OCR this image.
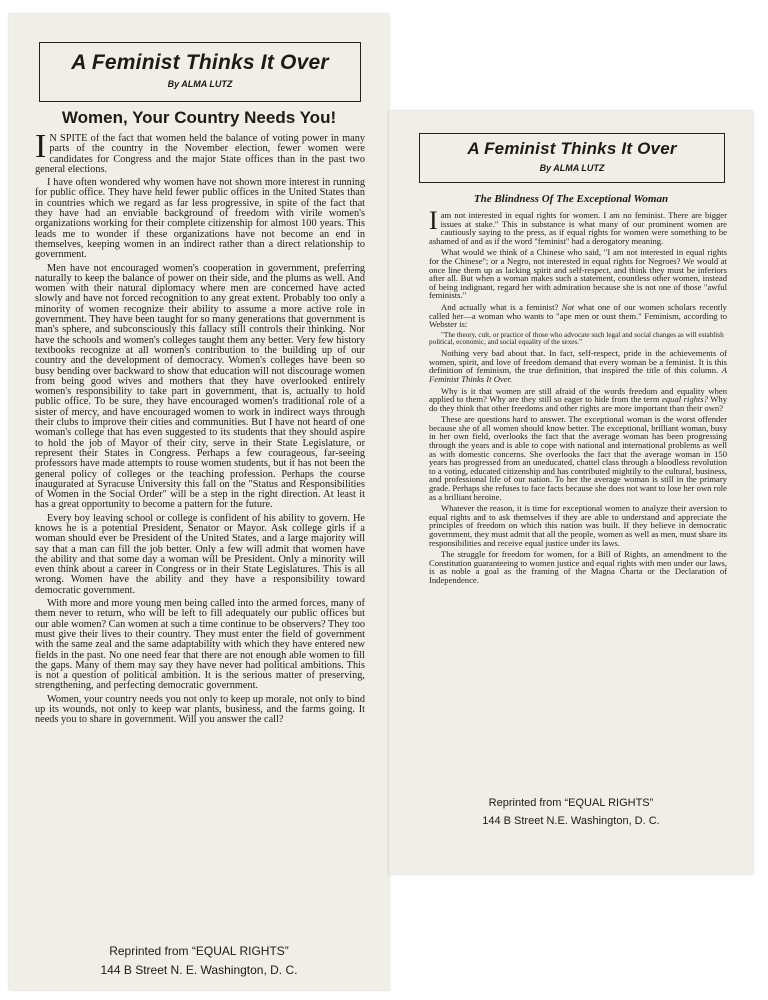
A Feminist Thinks It Over
By ALMA LUTZ
Women, Your Country Needs You!

I N SPITE of the fact that women held the balance of voting power in many parts of the country in the November election, fewer women were candidates for Congress and the major State offices than in the past two general elections.

I have often wondered why women have not shown more interest in running for public office. They have held fewer public offices in the United States than in countries which we regard as far less progressive, in spite of the fact that they have had an enviable background of freedom with virile women's organizations working for their complete citizenship for almost 100 years. This leads me to wonder if these organizations have not become an end in themselves, keeping women in an indirect rather than a direct relationship to government.

Men have not encouraged women's cooperation in government, preferring naturally to keep the balance of power on their side, and the plums as well. And women with their natural diplomacy where men are concerned have acted slowly and have not forced recognition to any great extent. Probably too only a minority of women recognize their ability to assume a more active role in government. They have been taught for so many generations that government is man's sphere, and subconsciously this fallacy still controls their thinking. Nor have the schools and women's colleges taught them any better. Very few history textbooks recognize at all women's contribution to the building up of our country and the development of democracy. Women's colleges have been so busy bending over backward to show that education will not discourage women from being good wives and mothers that they have overlooked entirely women's responsibility to take part in government, that is, actually to hold public office. To be sure, they have encouraged women's traditional role of a sister of mercy, and have encouraged women to work in indirect ways through their clubs to improve their cities and communities. But I have not heard of one woman's college that has even suggested to its students that they should aspire to hold the job of Mayor of their city, serve in their State Legislature, or represent their States in Congress. Perhaps a few courageous, far-seeing professors have made attempts to rouse women students, but it has not been the general policy of colleges or the teaching profession. Perhaps the course inaugurated at Syracuse University this fall on the "Status and Responsibilities of Women in the Social Order" will be a step in the right direction. At least it has a great opportunity to become a pattern for the future.

Every boy leaving school or college is confident of his ability to govern. He knows he is a potential President, Senator or Mayor. Ask college girls if a woman should ever be President of the United States, and a large majority will say that a man can fill the job better. Only a few will admit that women have the ability and that some day a woman will be President. Only a minority will even think about a career in Congress or in their State Legislatures. This is all wrong. Women have the ability and they have a responsibility toward democratic government.

With more and more young men being called into the armed forces, many of them never to return, who will be left to fill adequately our public offices but our able women? Can women at such a time continue to be observers? They too must give their lives to their country. They must enter the field of government with the same zeal and the same adaptability with which they have entered new fields in the past. No one need fear that there are not enough able women to fill the gaps. Many of them may say they have never had political ambitions. This is not a question of political ambition. It is the serious matter of preserving, strengthening, and perfecting democratic government.

Women, your country needs you not only to keep up morale, not only to bind up its wounds, not only to keep war plants, business, and the farms going. It needs you to share in government. Will you answer the call?

Reprinted from “EQUAL RIGHTS”
144 B Street N. E. Washington, D. C.
A Feminist Thinks It Over
By ALMA LUTZ
The Blindness Of The Exceptional Woman

Iam not interested in equal rights for women. I am no feminist. There are bigger issues at stake." This in substance is what many of our prominent women are cautiously saying to the press, as if equal rights for women were something to be ashamed of and as if the word "feminist" had a derogatory meaning.

What would we think of a Chinese who said, "I am not interested in equal rights for the Chinese"; or a Negro, not interested in equal rights for Negroes? We would at once line them up as lacking spirit and self-respect, and think they must be inferiors after all. But when a woman makes such a statement, countless other women, instead of being indignant, regard her with admiration because she is not one of those "awful feminists."

And actually what is a feminist? Not what one of our women scholars recently called her—a woman who wants to "ape men or oust them." Feminism, according to Webster is:

"The theory, cult, or practice of those who advocate such legal and social changes as will establish political, economic, and social equality of the sexes."

Nothing very bad about that. In fact, self-respect, pride in the achievements of women, spirit, and love of freedom demand that every woman be a feminist. It is this definition of feminism, the true definition, that inspired the title of this column. A Feminist Thinks It Over.

Why is it that women are still afraid of the words freedom and equality when applied to them? Why are they still so eager to hide from the term equal rights? Why do they think that other freedoms and other rights are more important than their own?

These are questions hard to answer. The exceptional woman is the worst offender because she of all women should know better. The exceptional, brilliant woman, busy in her own field, overlooks the fact that the average woman has been progressing through the years and is able to cope with national and international problems as well as with domestic concerns. She overlooks the fact that the average woman in 150 years has progressed from an uneducated, chattel class through a bloodless revolution to a voting, educated citizenship and has contributed mightily to the cultural, business, and professional life of our nation. To her the average woman is still in the primary grade. Perhaps she refuses to face facts because she does not want to lose her own role as a brilliant heroine.

Whatever the reason, it is time for exceptional women to analyze their aversion to equal rights and to ask themselves if they are able to understand and appreciate the principles of freedom on which this nation was built. If they believe in democratic government, they must admit that all the people, women as well as men, must share its responsibilities and receive equal justice under its laws.

The struggle for freedom for women, for a Bill of Rights, an amendment to the Constitution guaranteeing to women justice and equal rights with men under our laws, is as noble a goal as the framing of the Magna Charta or the Declaration of Independence.

Reprinted from “EQUAL RIGHTS”
144 B Street N.E. Washington, D. C.
